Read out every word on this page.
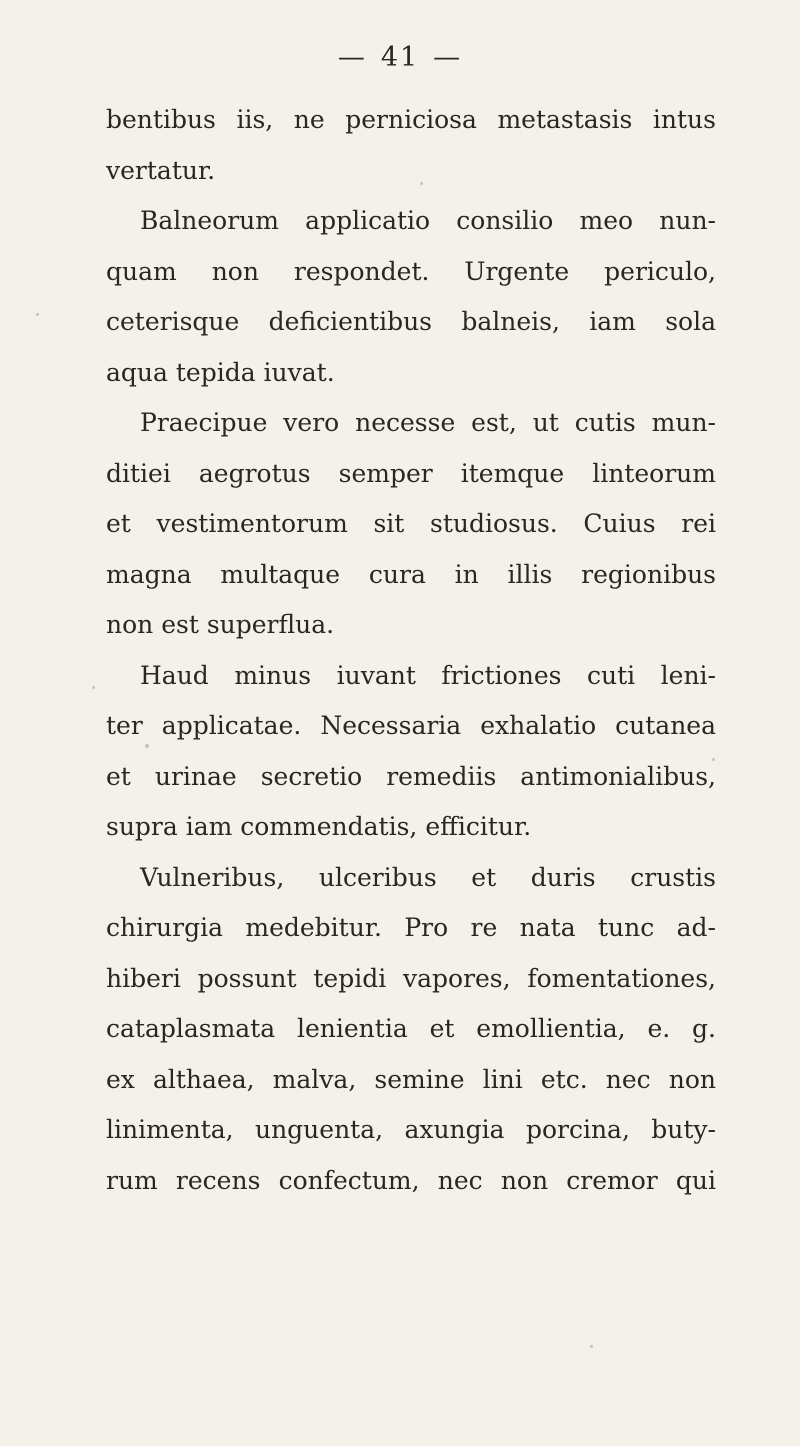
— 41 —
bentibus iis, ne perniciosa metastasis intus
vertatur.
Balneorum applicatio consilio meo nun-
quam non respondet. Urgente periculo,
ceterisque deficientibus balneis, iam sola
aqua tepida iuvat.
Praecipue vero necesse est, ut cutis mun-
ditiei aegrotus semper itemque linteorum
et vestimentorum sit studiosus. Cuius rei
magna multaque cura in illis regionibus
non est superflua.
Haud minus iuvant frictiones cuti leni-
ter applicatae. Necessaria exhalatio cutanea
et urinae secretio remediis antimonialibus,
supra iam commendatis, efficitur.
Vulneribus, ulceribus et duris crustis
chirurgia medebitur. Pro re nata tunc ad-
hiberi possunt tepidi vapores, fomentationes,
cataplasmata lenientia et emollientia, e. g.
ex althaea, malva, semine lini etc. nec non
linimenta, unguenta, axungia porcina, buty-
rum recens confectum, nec non cremor qui
